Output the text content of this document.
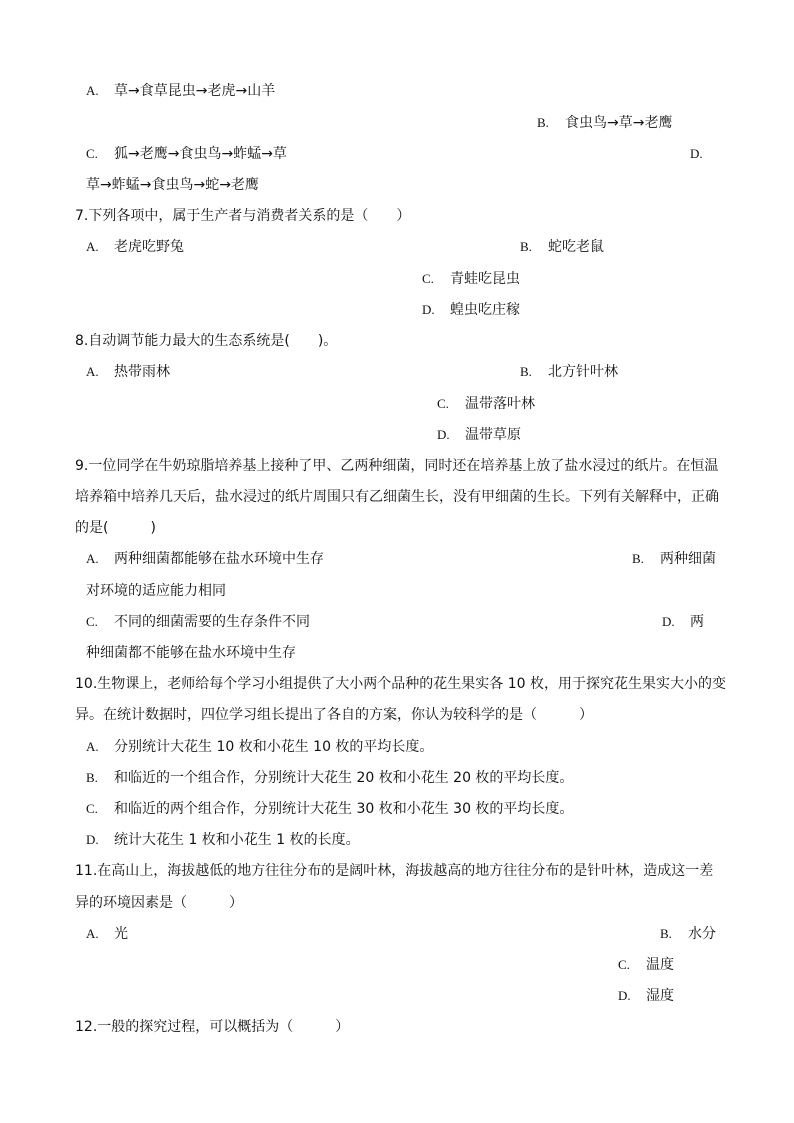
A. 草→食草昆虫→老虎→山羊
B. 食虫鸟→草→老鹰
C. 狐→老鹰→食虫鸟→蚱蜢→草	D.
草→蚱蜢→食虫鸟→蛇→老鹰
7.下列各项中，属于生产者与消费者关系的是（　　）
A. 老虎吃野兔	B. 蛇吃老鼠
C. 青蛙吃昆虫
D. 蝗虫吃庄稼
8.自动调节能力最大的生态系统是(　　)。
A. 热带雨林	B. 北方针叶林
C. 温带落叶林
D. 温带草原
9.一位同学在牛奶琼脂培养基上接种了甲、乙两种细菌，同时还在培养基上放了盐水浸过的纸片。在恒温
培养箱中培养几天后，盐水浸过的纸片周围只有乙细菌生长，没有甲细菌的生长。下列有关解释中，正确
的是(　　　)
A. 两种细菌都能够在盐水环境中生存	B. 两种细菌
对环境的适应能力相同
C. 不同的细菌需要的生存条件不同	D. 两
种细菌都不能够在盐水环境中生存
10.生物课上，老师给每个学习小组提供了大小两个品种的花生果实各 10 枚，用于探究花生果实大小的变
异。在统计数据时，四位学习组长提出了各自的方案，你认为较科学的是（　　　）
A. 分别统计大花生 10 枚和小花生 10 枚的平均长度。
B. 和临近的一个组合作，分别统计大花生 20 枚和小花生 20 枚的平均长度。
C. 和临近的两个组合作，分别统计大花生 30 枚和小花生 30 枚的平均长度。
D. 统计大花生 1 枚和小花生 1 枚的长度。
11.在高山上，海拔越低的地方往往分布的是阔叶林，海拔越高的地方往往分布的是针叶林，造成这一差
异的环境因素是（　　　）
A. 光	B. 水分
C. 温度
D. 湿度
12.一般的探究过程，可以概括为（　　　）
